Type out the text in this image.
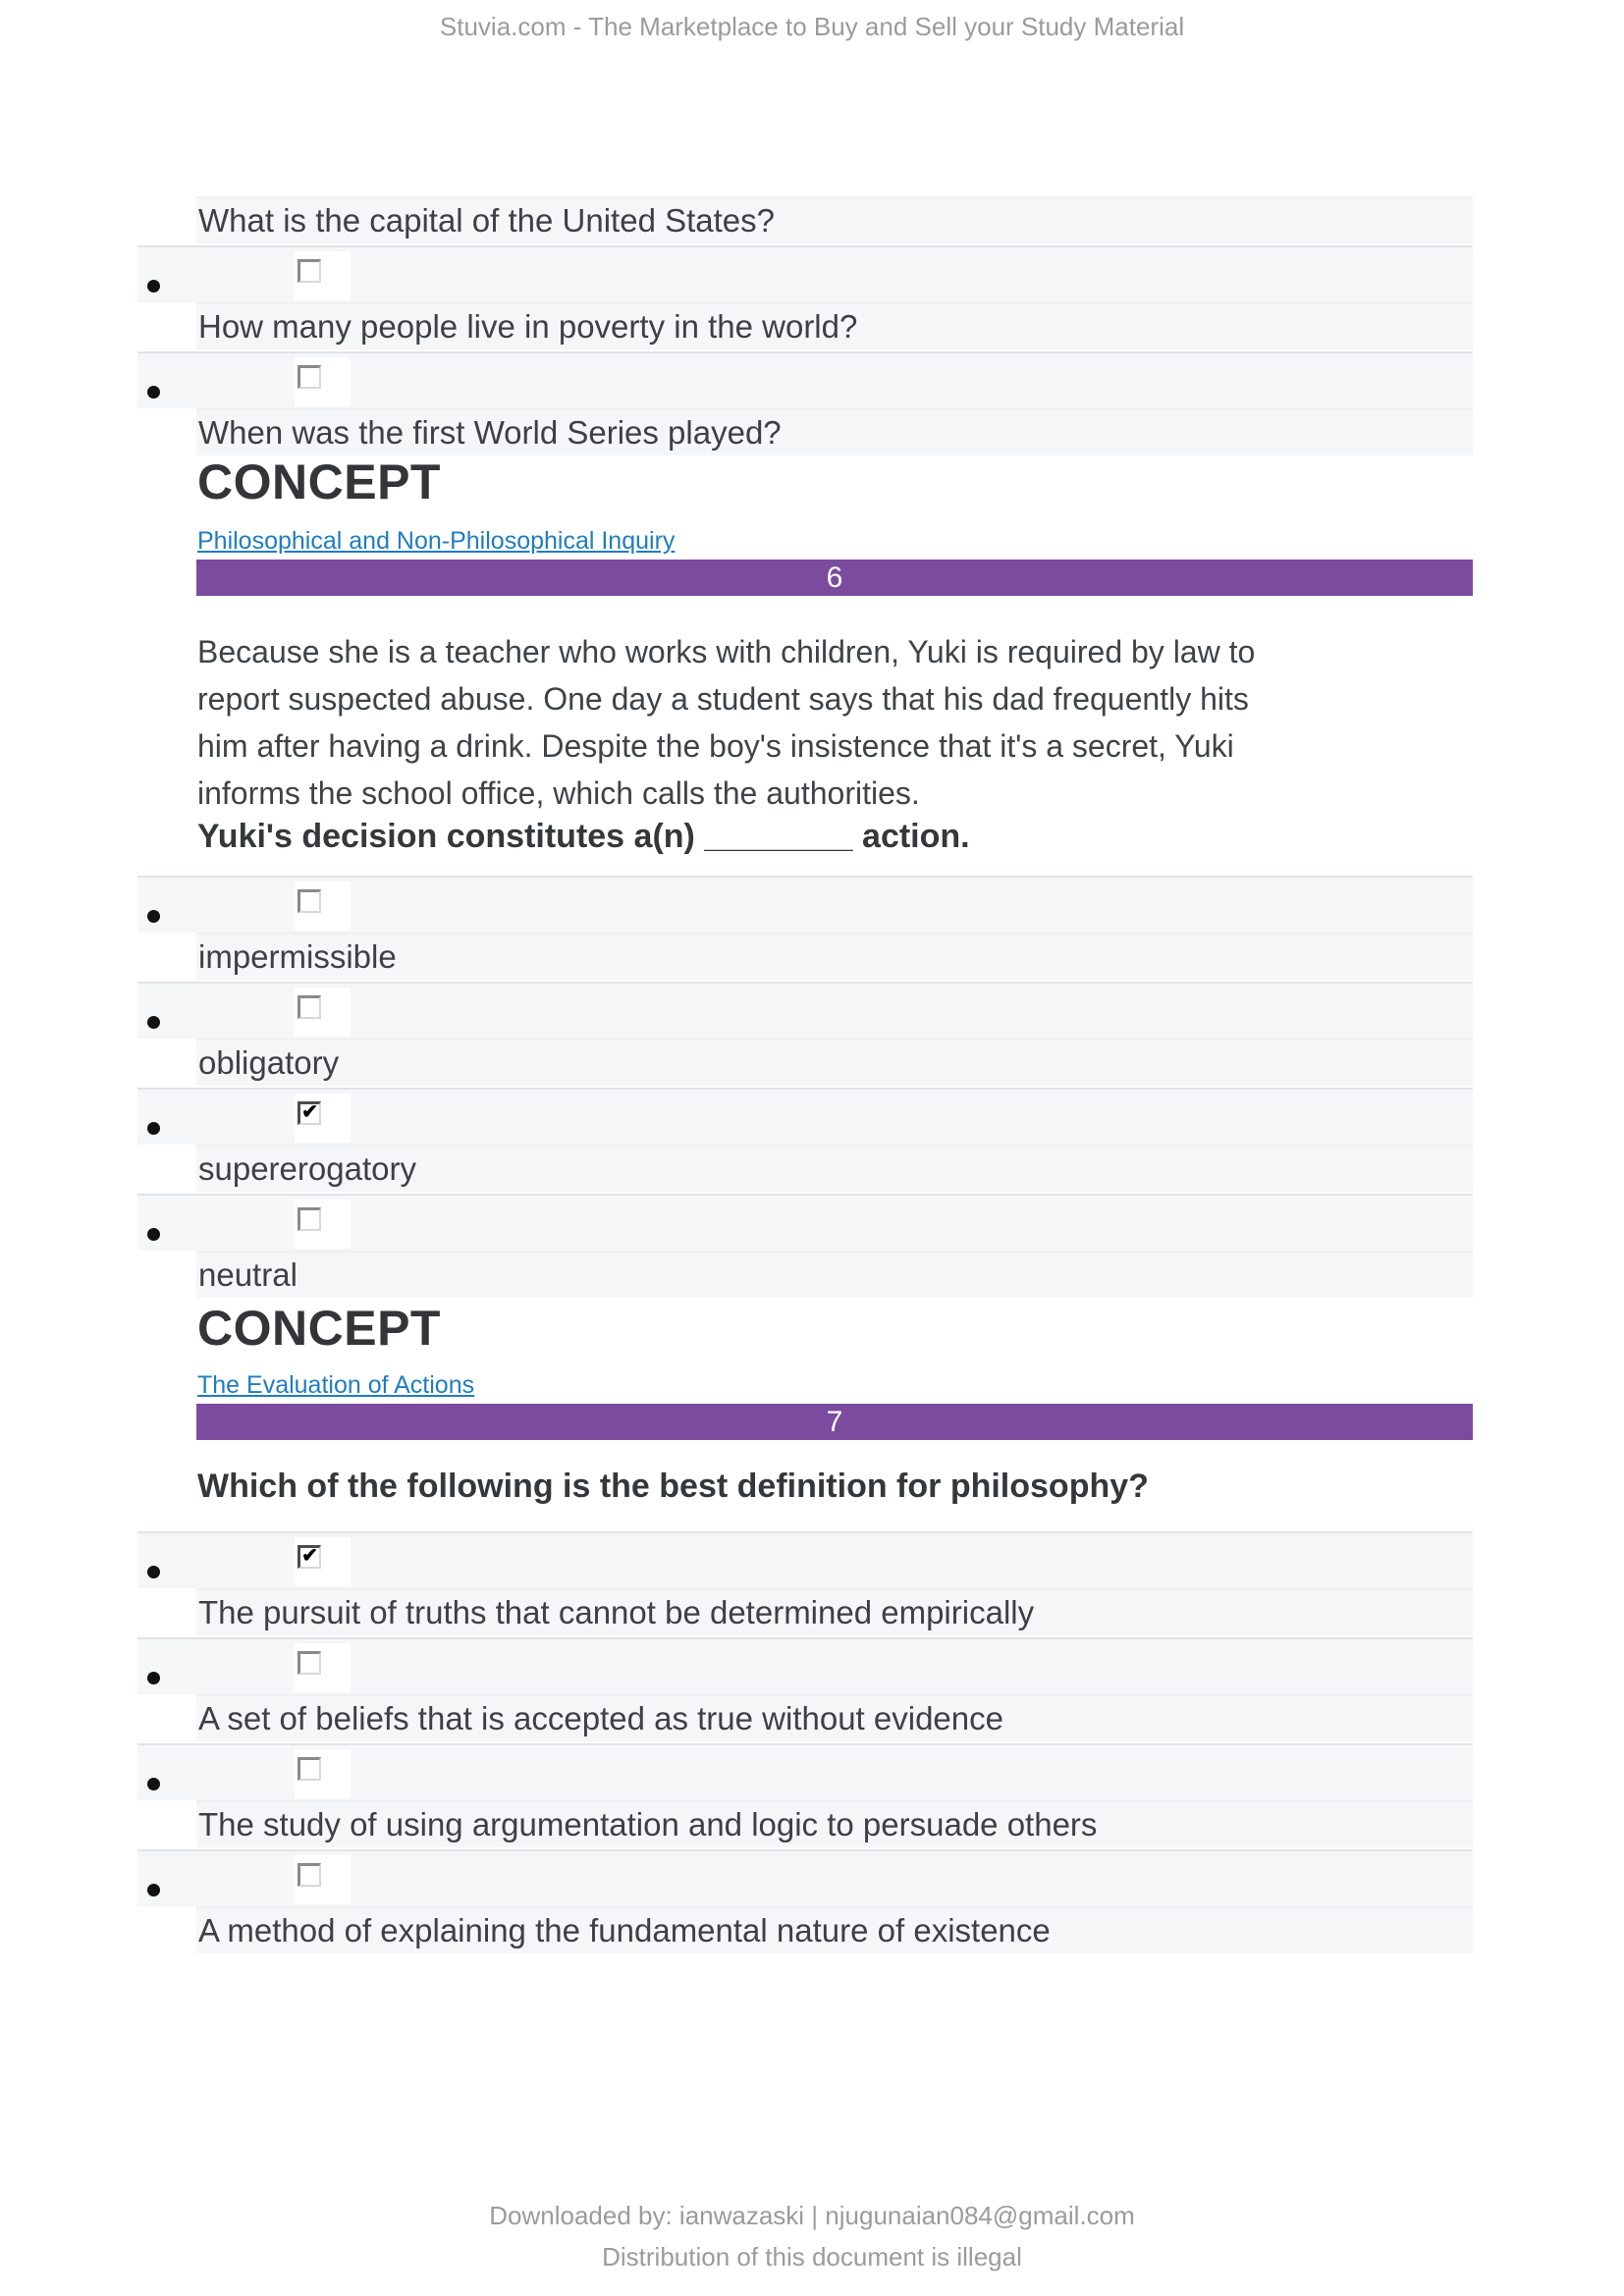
Stuvia.com - The Marketplace to Buy and Sell your Study Material
What is the capital of the United States?
How many people live in poverty in the world?
When was the first World Series played?
CONCEPT
Philosophical and Non-Philosophical Inquiry
6
Because she is a teacher who works with children, Yuki is required by law to
report suspected abuse. One day a student says that his dad frequently hits
him after having a drink. Despite the boy's insistence that it's a secret, Yuki
informs the school office, which calls the authorities.
Yuki's decision constitutes a(n) ________ action.
impermissible
obligatory
✔
supererogatory
neutral
CONCEPT
The Evaluation of Actions
7
Which of the following is the best definition for philosophy?
✔
The pursuit of truths that cannot be determined empirically
A set of beliefs that is accepted as true without evidence
The study of using argumentation and logic to persuade others
A method of explaining the fundamental nature of existence
Downloaded by: ianwazaski | njugunaian084@gmail.com
Distribution of this document is illegal
